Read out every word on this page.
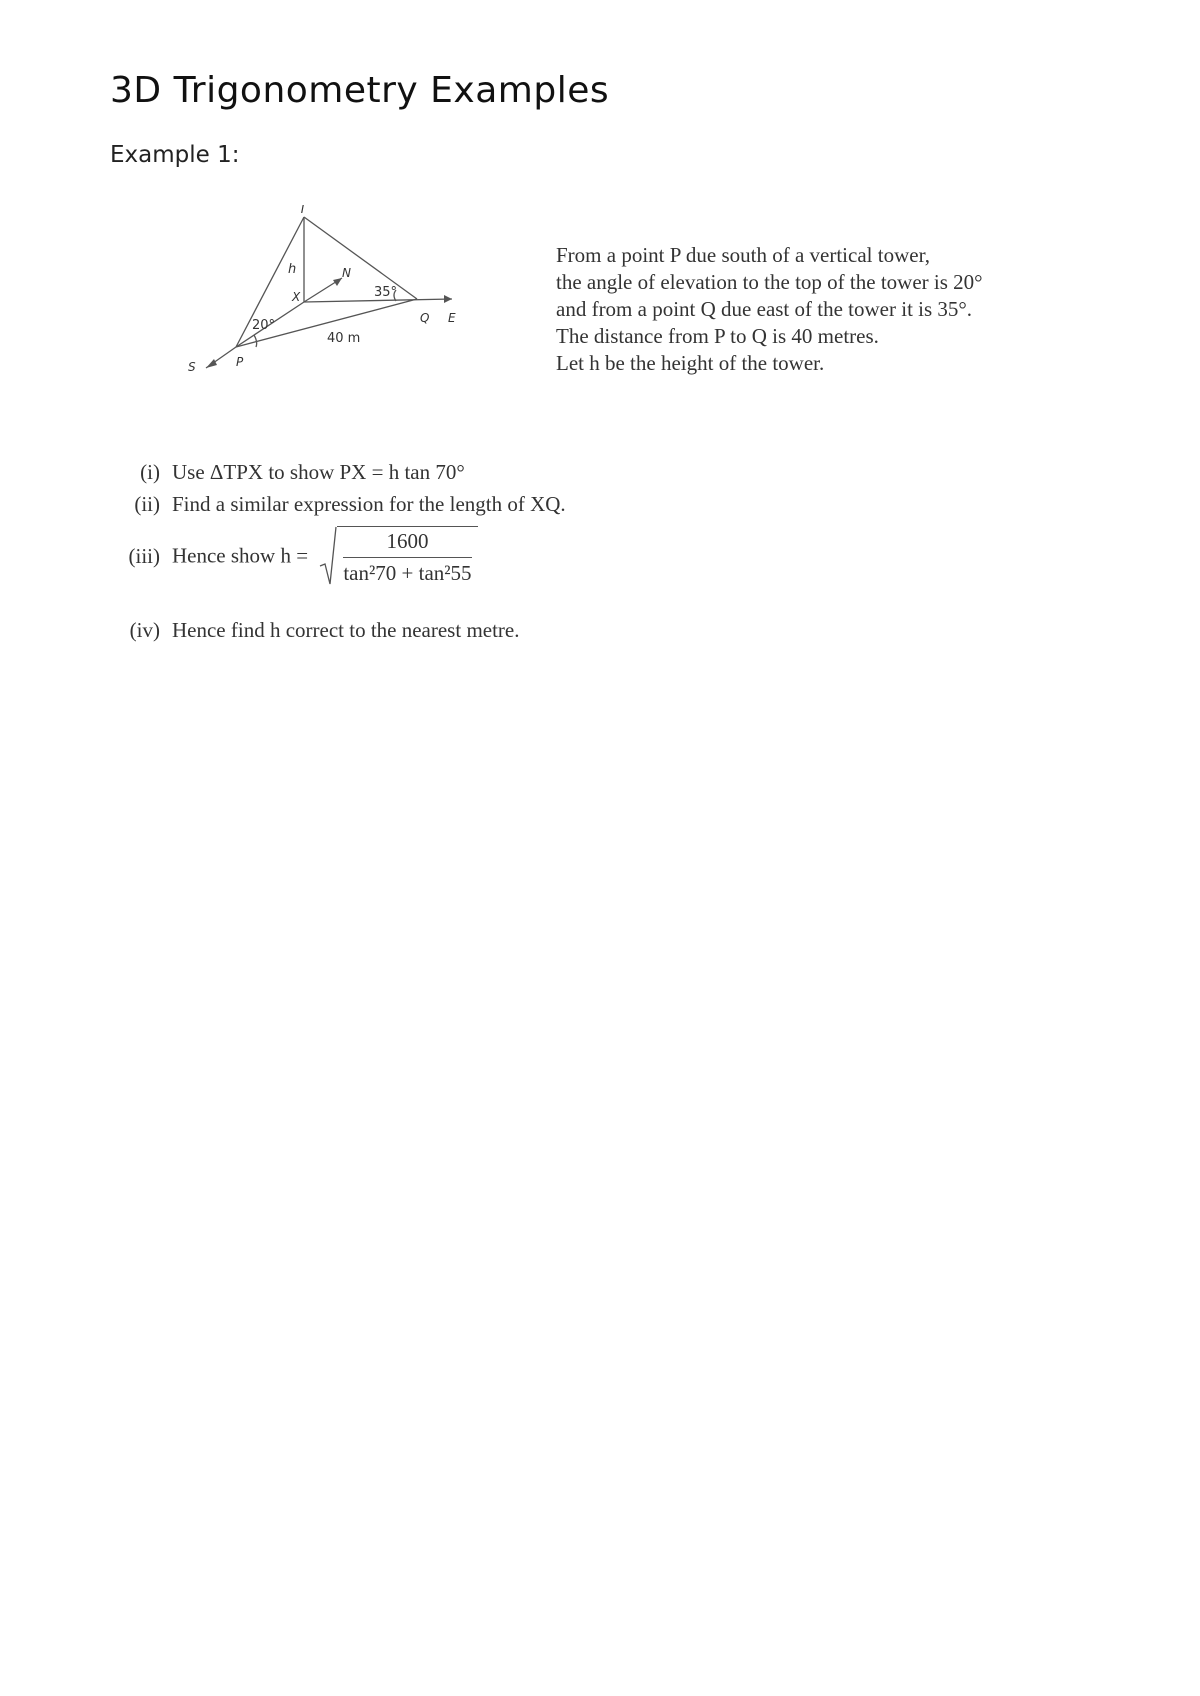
3D Trigonometry Examples
Example 1:
T
h	N
X	35°
20°	Q E
40 m
S	P
From a point P due south of a vertical tower,
the angle of elevation to the top of the tower is 20°
and from a point Q due east of the tower it is 35°.
The distance from P to Q is 40 metres.
Let h be the height of the tower.
(i) Use ΔTPX to show PX = h tan 70°
(ii) Find a similar expression for the length of XQ.
(iii) Hence show $h = \frac{1600}{\text{tan²70 + tan²55}}$
(iv) Hence find h correct to the nearest metre.
